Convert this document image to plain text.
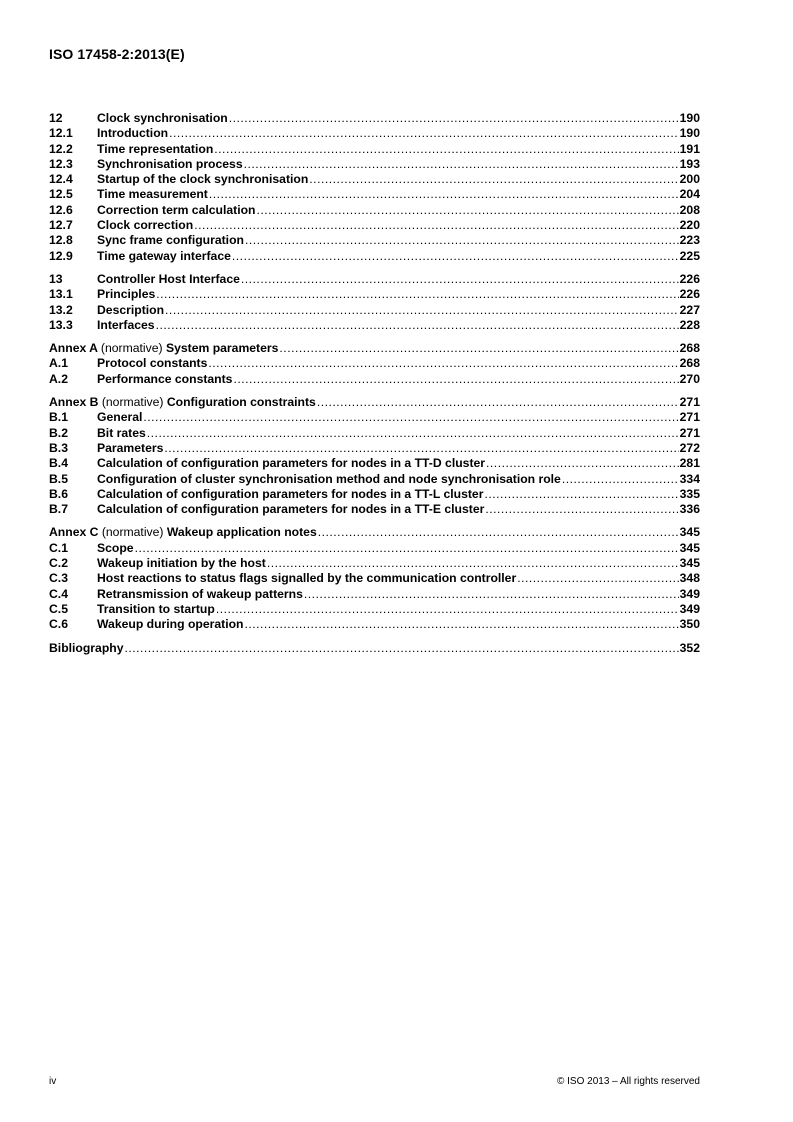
ISO 17458-2:2013(E)
12	Clock synchronisation .....	190
12.1	Introduction .....	190
12.2	Time representation .....	191
12.3	Synchronisation process .....	193
12.4	Startup of the clock synchronisation .....	200
12.5	Time measurement .....	204
12.6	Correction term calculation .....	208
12.7	Clock correction .....	220
12.8	Sync frame configuration .....	223
12.9	Time gateway interface .....	225
13	Controller Host Interface .....	226
13.1	Principles .....	226
13.2	Description .....	227
13.3	Interfaces .....	228
Annex A (normative) System parameters .....	268
A.1	Protocol constants .....	268
A.2	Performance constants .....	270
Annex B (normative) Configuration constraints .....	271
B.1	General .....	271
B.2	Bit rates .....	271
B.3	Parameters .....	272
B.4	Calculation of configuration parameters for nodes in a TT-D cluster .....	281
B.5	Configuration of cluster synchronisation method and node synchronisation role .....	334
B.6	Calculation of configuration parameters for nodes in a TT-L cluster .....	335
B.7	Calculation of configuration parameters for nodes in a TT-E cluster .....	336
Annex C (normative) Wakeup application notes .....	345
C.1	Scope .....	345
C.2	Wakeup initiation by the host .....	345
C.3	Host reactions to status flags signalled by the communication controller .....	348
C.4	Retransmission of wakeup patterns .....	349
C.5	Transition to startup .....	349
C.6	Wakeup during operation .....	350
Bibliography .....	352
iv	© ISO 2013 – All rights reserved
